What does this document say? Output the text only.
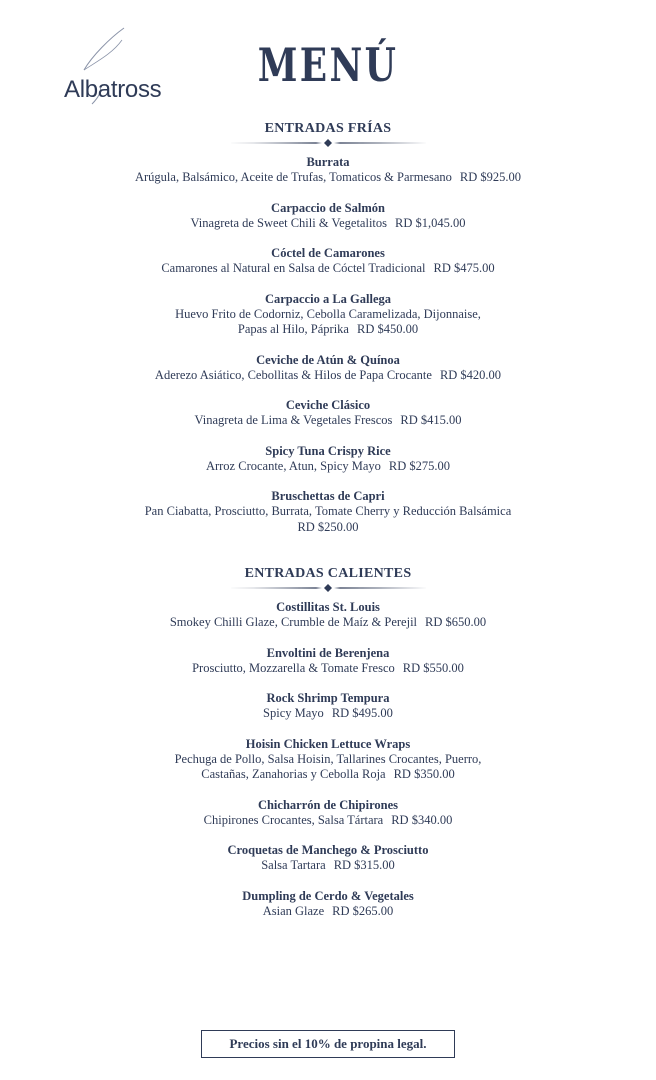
Albatross	MENÚ
ENTRADAS FRÍAS
Burrata
Arúgula, Balsámico, Aceite de Trufas, Tomaticos & Parmesano RD $925.00
Carpaccio de Salmón
Vinagreta de Sweet Chili & Vegetalitos RD $1,045.00
Cóctel de Camarones
Camarones al Natural en Salsa de Cóctel Tradicional RD $475.00
Carpaccio a La Gallega
Huevo Frito de Codorniz, Cebolla Caramelizada, Dijonnaise,
Papas al Hilo, Páprika RD $450.00
Ceviche de Atún & Quínoa
Aderezo Asiático, Cebollitas & Hilos de Papa Crocante RD $420.00
Ceviche Clásico
Vinagreta de Lima & Vegetales Frescos RD $415.00
Spicy Tuna Crispy Rice
Arroz Crocante, Atun, Spicy Mayo RD $275.00
Bruschettas de Capri
Pan Ciabatta, Prosciutto, Burrata, Tomate Cherry y Reducción Balsámica
RD $250.00
ENTRADAS CALIENTES
Costillitas St. Louis
Smokey Chilli Glaze, Crumble de Maíz & Perejil RD $650.00
Envoltini de Berenjena
Prosciutto, Mozzarella & Tomate Fresco RD $550.00
Rock Shrimp Tempura
Spicy Mayo RD $495.00
Hoisin Chicken Lettuce Wraps
Pechuga de Pollo, Salsa Hoisin, Tallarines Crocantes, Puerro,
Castañas, Zanahorias y Cebolla Roja RD $350.00
Chicharrón de Chipirones
Chipirones Crocantes, Salsa Tártara RD $340.00
Croquetas de Manchego & Prosciutto
Salsa Tartara RD $315.00
Dumpling de Cerdo & Vegetales
Asian Glaze RD $265.00
Precios sin el 10% de propina legal.
